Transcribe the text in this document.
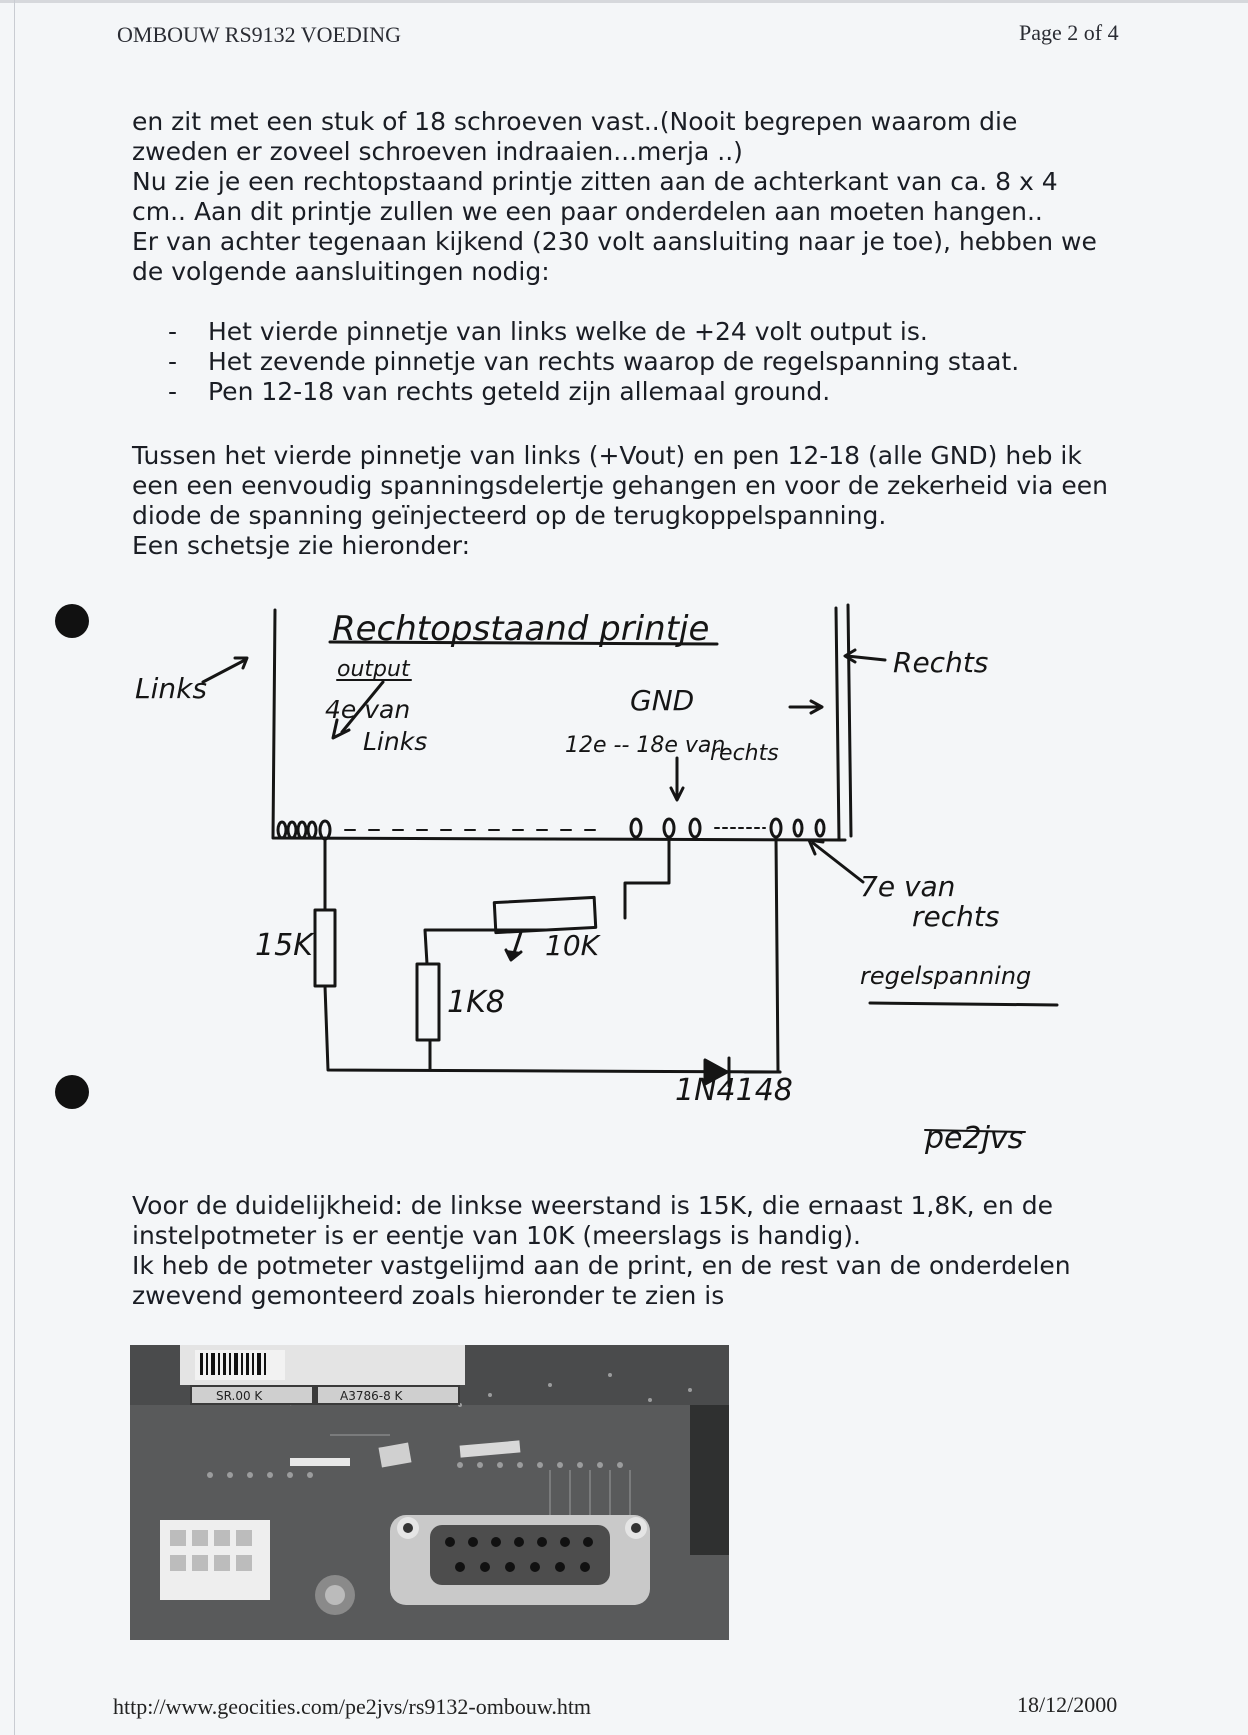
OMBOUW RS9132 VOEDING	Page 2 of 4

en zit met een stuk of 18 schroeven vast..(Nooit begrepen waarom die
zweden er zoveel schroeven indraaien...merja ..)
Nu zie je een rechtopstaand printje zitten aan de achterkant van ca. 8 x 4
cm.. Aan dit printje zullen we een paar onderdelen aan moeten hangen..
Er van achter tegenaan kijkend (230 volt aansluiting naar je toe), hebben we
de volgende aansluitingen nodig:

- Het vierde pinnetje van links welke de +24 volt output is.
- Het zevende pinnetje van rechts waarop de regelspanning staat.
- Pen 12-18 van rechts geteld zijn allemaal ground.

Tussen het vierde pinnetje van links (+Vout) en pen 12-18 (alle GND) heb ik
een een eenvoudig spanningsdelertje gehangen en voor de zekerheid via een
diode de spanning geïnjecteerd op de terugkoppelspanning.
Een schetsje zie hieronder:

Rechtopstaand printje
output
4e van
Links
Links	GND
12e -- 18e van
rechts
Rechts
7e van
rechts
regelspanning
15K
1K8
10K
1N4148
pe2jvs

Voor de duidelijkheid: de linkse weerstand is 15K, die ernaast 1,8K, en de
instelpotmeter is er eentje van 10K (meerslags is handig).
Ik heb de potmeter vastgelijmd aan de print, en de rest van de onderdelen
zwevend gemonteerd zoals hieronder te zien is

SR.00 K	A3786-8 K
http://www.geocities.com/pe2jvs/rs9132-ombouw.htm	18/12/2000
